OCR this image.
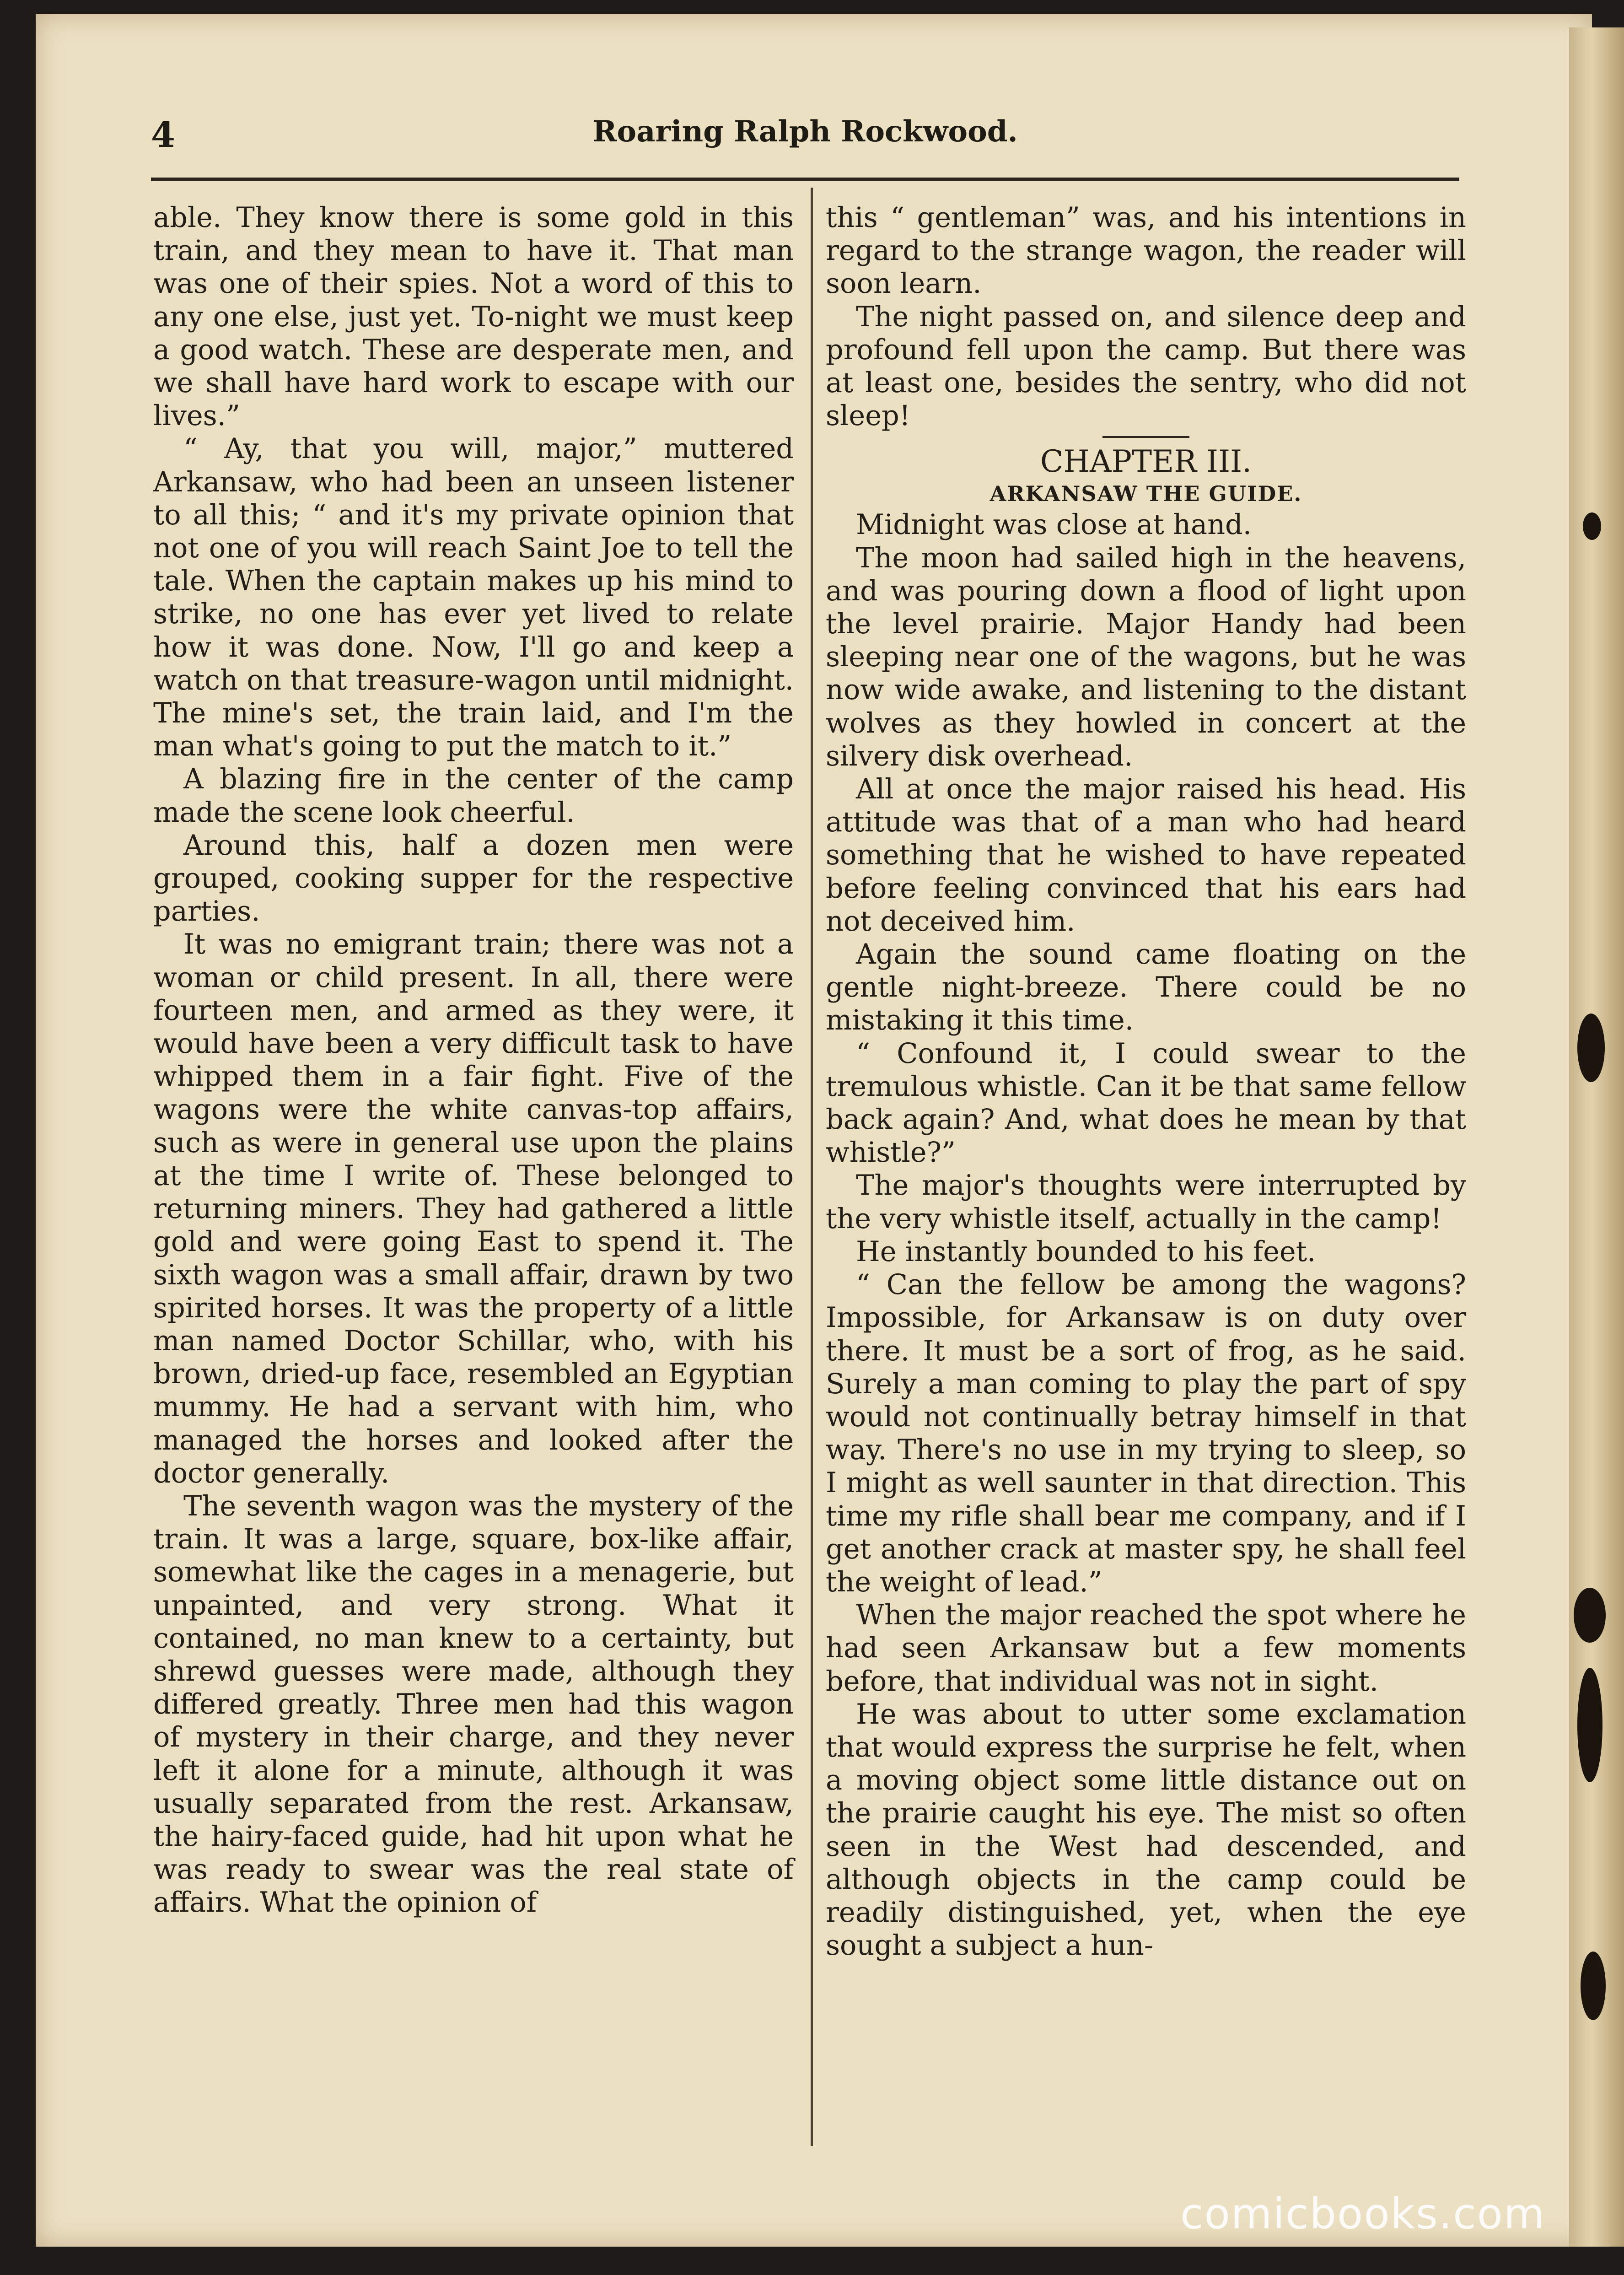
4	Roaring Ralph Rockwood.

able. They know there is some gold in this train, and they mean to have it. That man was one of their spies. Not a word of this to any one else, just yet. To-night we must keep a good watch. These are desperate men, and we shall have hard work to escape with our lives.”

“ Ay, that you will, major,” muttered Arkansaw, who had been an unseen listener to all this; “ and it's my private opinion that not one of you will reach Saint Joe to tell the tale. When the captain makes up his mind to strike, no one has ever yet lived to relate how it was done. Now, I'll go and keep a watch on that treasure-wagon until midnight. The mine's set, the train laid, and I'm the man what's going to put the match to it.”

A blazing fire in the center of the camp made the scene look cheerful.

Around this, half a dozen men were grouped, cooking supper for the respective parties.

It was no emigrant train; there was not a woman or child present. In all, there were fourteen men, and armed as they were, it would have been a very difficult task to have whipped them in a fair fight. Five of the wagons were the white canvas-top affairs, such as were in general use upon the plains at the time I write of. These belonged to returning miners. They had gathered a little gold and were going East to spend it. The sixth wagon was a small affair, drawn by two spirited horses. It was the property of a little man named Doctor Schillar, who, with his brown, dried-up face, resembled an Egyptian mummy. He had a servant with him, who managed the horses and looked after the doctor generally.

The seventh wagon was the mystery of the train. It was a large, square, box-like affair, somewhat like the cages in a menagerie, but unpainted, and very strong. What it contained, no man knew to a certainty, but shrewd guesses were made, although they differed greatly. Three men had this wagon of mystery in their charge, and they never left it alone for a minute, although it was usually separated from the rest. Arkansaw, the hairy-faced guide, had hit upon what he was ready to swear was the real state of affairs. What the opinion of

this “ gentleman” was, and his intentions in regard to the strange wagon, the reader will soon learn.

The night passed on, and silence deep and profound fell upon the camp. But there was at least one, besides the sentry, who did not sleep!

CHAPTER III.
ARKANSAW THE GUIDE.

Midnight was close at hand.

The moon had sailed high in the heavens, and was pouring down a flood of light upon the level prairie. Major Handy had been sleeping near one of the wagons, but he was now wide awake, and listening to the distant wolves as they howled in concert at the silvery disk overhead.

All at once the major raised his head. His attitude was that of a man who had heard something that he wished to have repeated before feeling convinced that his ears had not deceived him.

Again the sound came floating on the gentle night-breeze. There could be no mistaking it this time.

“ Confound it, I could swear to the tremulous whistle. Can it be that same fellow back again? And, what does he mean by that whistle?”

The major's thoughts were interrupted by the very whistle itself, actually in the camp!

He instantly bounded to his feet.

“ Can the fellow be among the wagons? Impossible, for Arkansaw is on duty over there. It must be a sort of frog, as he said. Surely a man coming to play the part of spy would not continually betray himself in that way. There's no use in my trying to sleep, so I might as well saunter in that direction. This time my rifle shall bear me company, and if I get another crack at master spy, he shall feel the weight of lead.”

When the major reached the spot where he had seen Arkansaw but a few moments before, that individual was not in sight.

He was about to utter some exclamation that would express the surprise he felt, when a moving object some little distance out on the prairie caught his eye. The mist so often seen in the West had descended, and although objects in the camp could be readily distinguished, yet, when the eye sought a subject a hun-

comicbooks.com
